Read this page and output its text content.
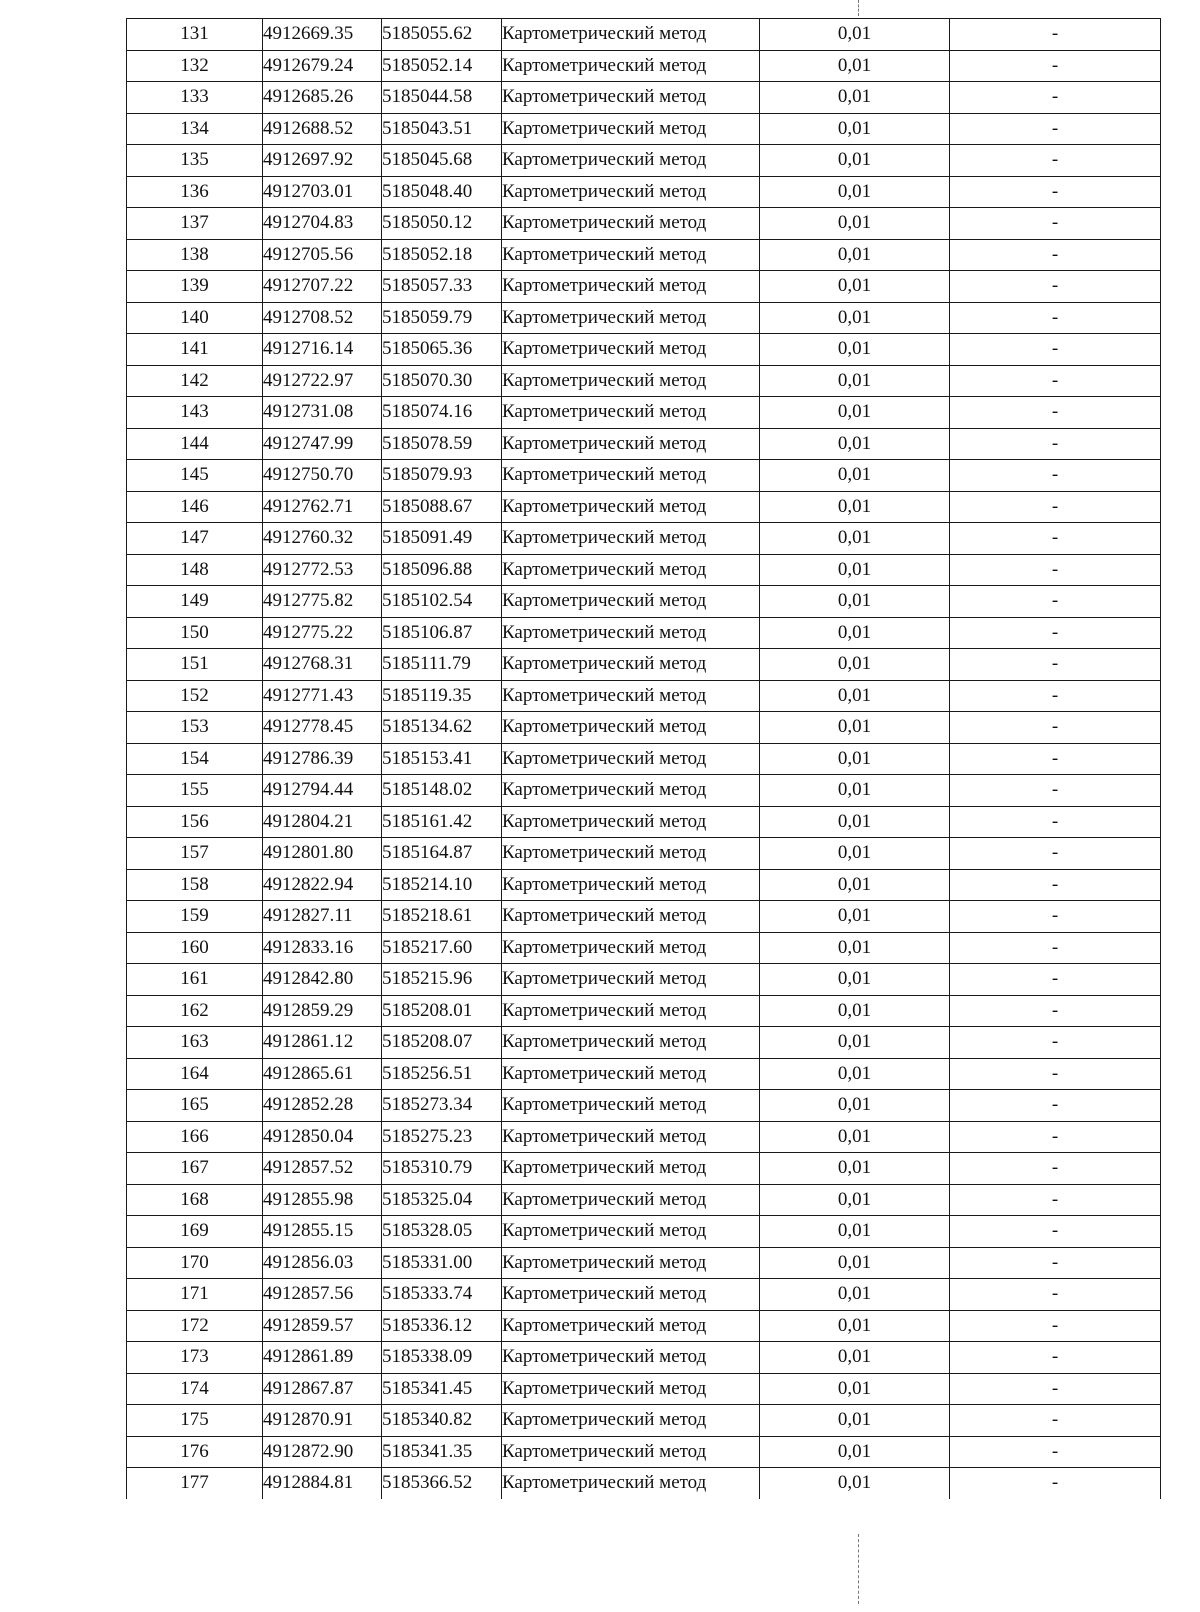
131	4912669.35	5185055.62	Картометрический метод	0,01	-
132	4912679.24	5185052.14	Картометрический метод	0,01	-
133	4912685.26	5185044.58	Картометрический метод	0,01	-
134	4912688.52	5185043.51	Картометрический метод	0,01	-
135	4912697.92	5185045.68	Картометрический метод	0,01	-
136	4912703.01	5185048.40	Картометрический метод	0,01	-
137	4912704.83	5185050.12	Картометрический метод	0,01	-
138	4912705.56	5185052.18	Картометрический метод	0,01	-
139	4912707.22	5185057.33	Картометрический метод	0,01	-
140	4912708.52	5185059.79	Картометрический метод	0,01	-
141	4912716.14	5185065.36	Картометрический метод	0,01	-
142	4912722.97	5185070.30	Картометрический метод	0,01	-
143	4912731.08	5185074.16	Картометрический метод	0,01	-
144	4912747.99	5185078.59	Картометрический метод	0,01	-
145	4912750.70	5185079.93	Картометрический метод	0,01	-
146	4912762.71	5185088.67	Картометрический метод	0,01	-
147	4912760.32	5185091.49	Картометрический метод	0,01	-
148	4912772.53	5185096.88	Картометрический метод	0,01	-
149	4912775.82	5185102.54	Картометрический метод	0,01	-
150	4912775.22	5185106.87	Картометрический метод	0,01	-
151	4912768.31	5185111.79	Картометрический метод	0,01	-
152	4912771.43	5185119.35	Картометрический метод	0,01	-
153	4912778.45	5185134.62	Картометрический метод	0,01	-
154	4912786.39	5185153.41	Картометрический метод	0,01	-
155	4912794.44	5185148.02	Картометрический метод	0,01	-
156	4912804.21	5185161.42	Картометрический метод	0,01	-
157	4912801.80	5185164.87	Картометрический метод	0,01	-
158	4912822.94	5185214.10	Картометрический метод	0,01	-
159	4912827.11	5185218.61	Картометрический метод	0,01	-
160	4912833.16	5185217.60	Картометрический метод	0,01	-
161	4912842.80	5185215.96	Картометрический метод	0,01	-
162	4912859.29	5185208.01	Картометрический метод	0,01	-
163	4912861.12	5185208.07	Картометрический метод	0,01	-
164	4912865.61	5185256.51	Картометрический метод	0,01	-
165	4912852.28	5185273.34	Картометрический метод	0,01	-
166	4912850.04	5185275.23	Картометрический метод	0,01	-
167	4912857.52	5185310.79	Картометрический метод	0,01	-
168	4912855.98	5185325.04	Картометрический метод	0,01	-
169	4912855.15	5185328.05	Картометрический метод	0,01	-
170	4912856.03	5185331.00	Картометрический метод	0,01	-
171	4912857.56	5185333.74	Картометрический метод	0,01	-
172	4912859.57	5185336.12	Картометрический метод	0,01	-
173	4912861.89	5185338.09	Картометрический метод	0,01	-
174	4912867.87	5185341.45	Картометрический метод	0,01	-
175	4912870.91	5185340.82	Картометрический метод	0,01	-
176	4912872.90	5185341.35	Картометрический метод	0,01	-
177	4912884.81	5185366.52	Картометрический метод	0,01	-
